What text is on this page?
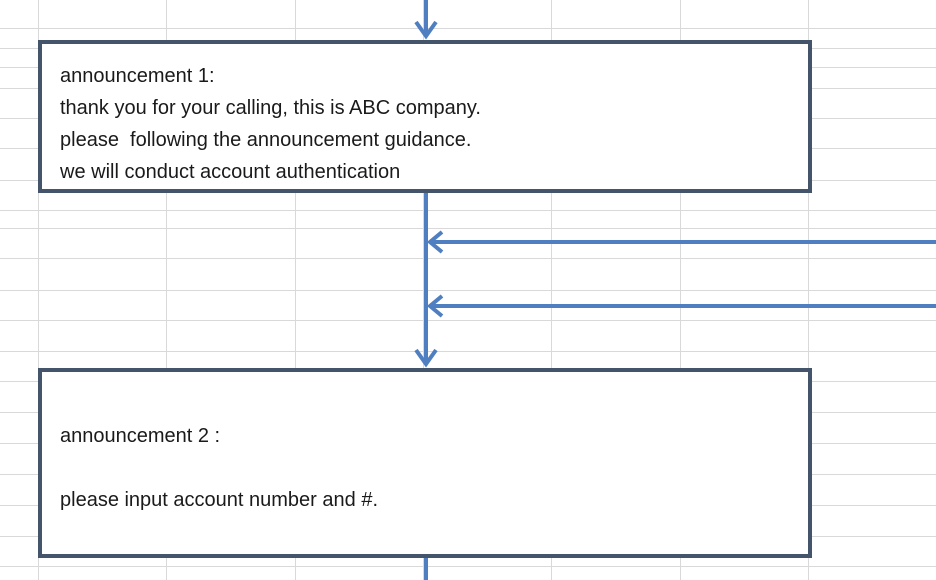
announcement 1:
thank you for your calling, this is ABC company.
please  following the announcement guidance.
we will conduct account authentication
announcement 2 :
please input account number and #.
